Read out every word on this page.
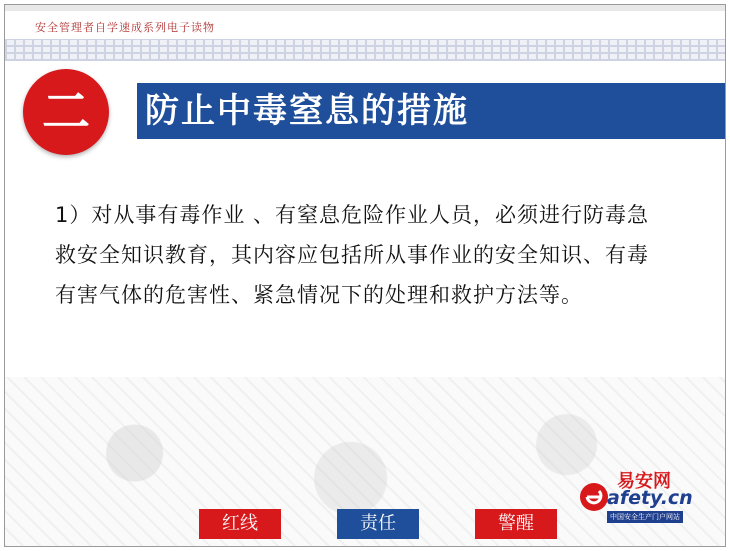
安全管理者自学速成系列电子读物
防止中毒窒息的措施
二
1）对从事有毒作业 、有窒息危险作业人员，必须进行防毒急救安全知识教育，其内容应包括所从事作业的安全知识、有毒有害气体的危害性、紧急情况下的处理和救护方法等。
易安网
afety.cn
中国安全生产门户网站
红线	责任	警醒
